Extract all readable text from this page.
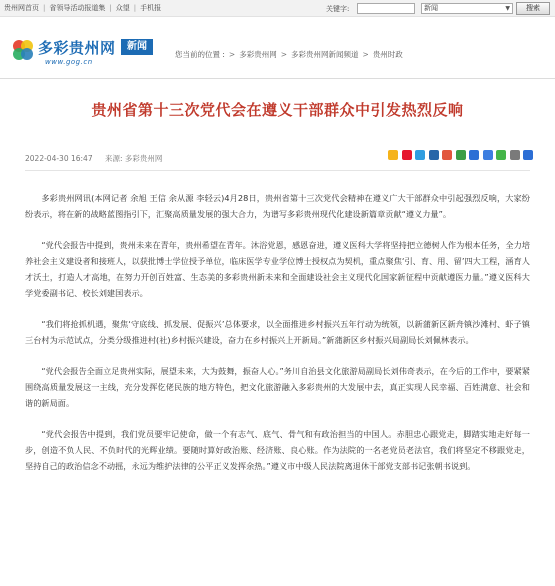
贵州网首页 | 省领导活动报道集 | 众望 | 手机报	关键字:	新闻	▼	搜索
多彩贵州网	新闻
www.gog.cn
您当前的位置 : > 多彩贵州网 > 多彩贵州网新闻频道 > 贵州时政
贵州省第十三次党代会在遵义干部群众中引发热烈反响
2022-04-30 16:47 来源: 多彩贵州网

多彩贵州网讯(本网记者 余旭 王信 余从源 李轻云)4月28日，贵州省第十三次党代会精神在遵义广大干部群众中引起强烈反响，大家纷纷表示，将在新的战略蓝图指引下，汇聚高质量发展的强大合力，为谱写多彩贵州现代化建设新篇章贡献“遵义力量”。

“党代会报告中提到，贵州未来在青年，贵州希望在青年。沐浴党恩，感恩奋进，遵义医科大学将坚持把立德树人作为根本任务，全力培养社会主义建设者和接班人，以获批博士学位授予单位，临床医学专业学位博士授权点为契机，重点聚焦‘引、育、用、留’四大工程，涵育人才沃土，打造人才高地，在努力开创百姓富、生态美的多彩贵州新未来和全面建设社会主义现代化国家新征程中贡献遵医力量。”遵义医科大学党委副书记、校长刘建国表示。

“我们将抢抓机遇，聚焦‘守底线、抓发展、促振兴’总体要求，以全面推进乡村振兴五年行动为统领，以新蒲新区新舟镇沙滩村、虾子镇三台村为示范试点，分类分级推进村(社)乡村振兴建设，奋力在乡村振兴上开新局。”新蒲新区乡村振兴局副局长刘佩林表示。

“党代会报告全面立足贵州实际，展望未来，大为鼓舞，振奋人心。”务川自治县文化旅游局副局长刘伟奇表示，在今后的工作中，要紧紧围绕高质量发展这一主线，充分发挥仡佬民族的地方特色，把文化旅游融入多彩贵州的大发展中去，真正实现人民幸福、百姓满意、社会和谐的新局面。

“党代会报告中提到，我们党员要牢记使命，做一个有志气、底气、骨气和有政治担当的中国人。赤胆忠心跟党走，脚踏实地走好每一步，创造不负人民、不负时代的光辉业绩。要随时算好政治账、经济账、良心账。作为法院的一名老党员老法官，我们将坚定不移跟党走，坚持自己的政治信念不动摇，永远为维护法律的公平正义发挥余热。”遵义市中级人民法院离退休干部党支部书记张朝书说到。
